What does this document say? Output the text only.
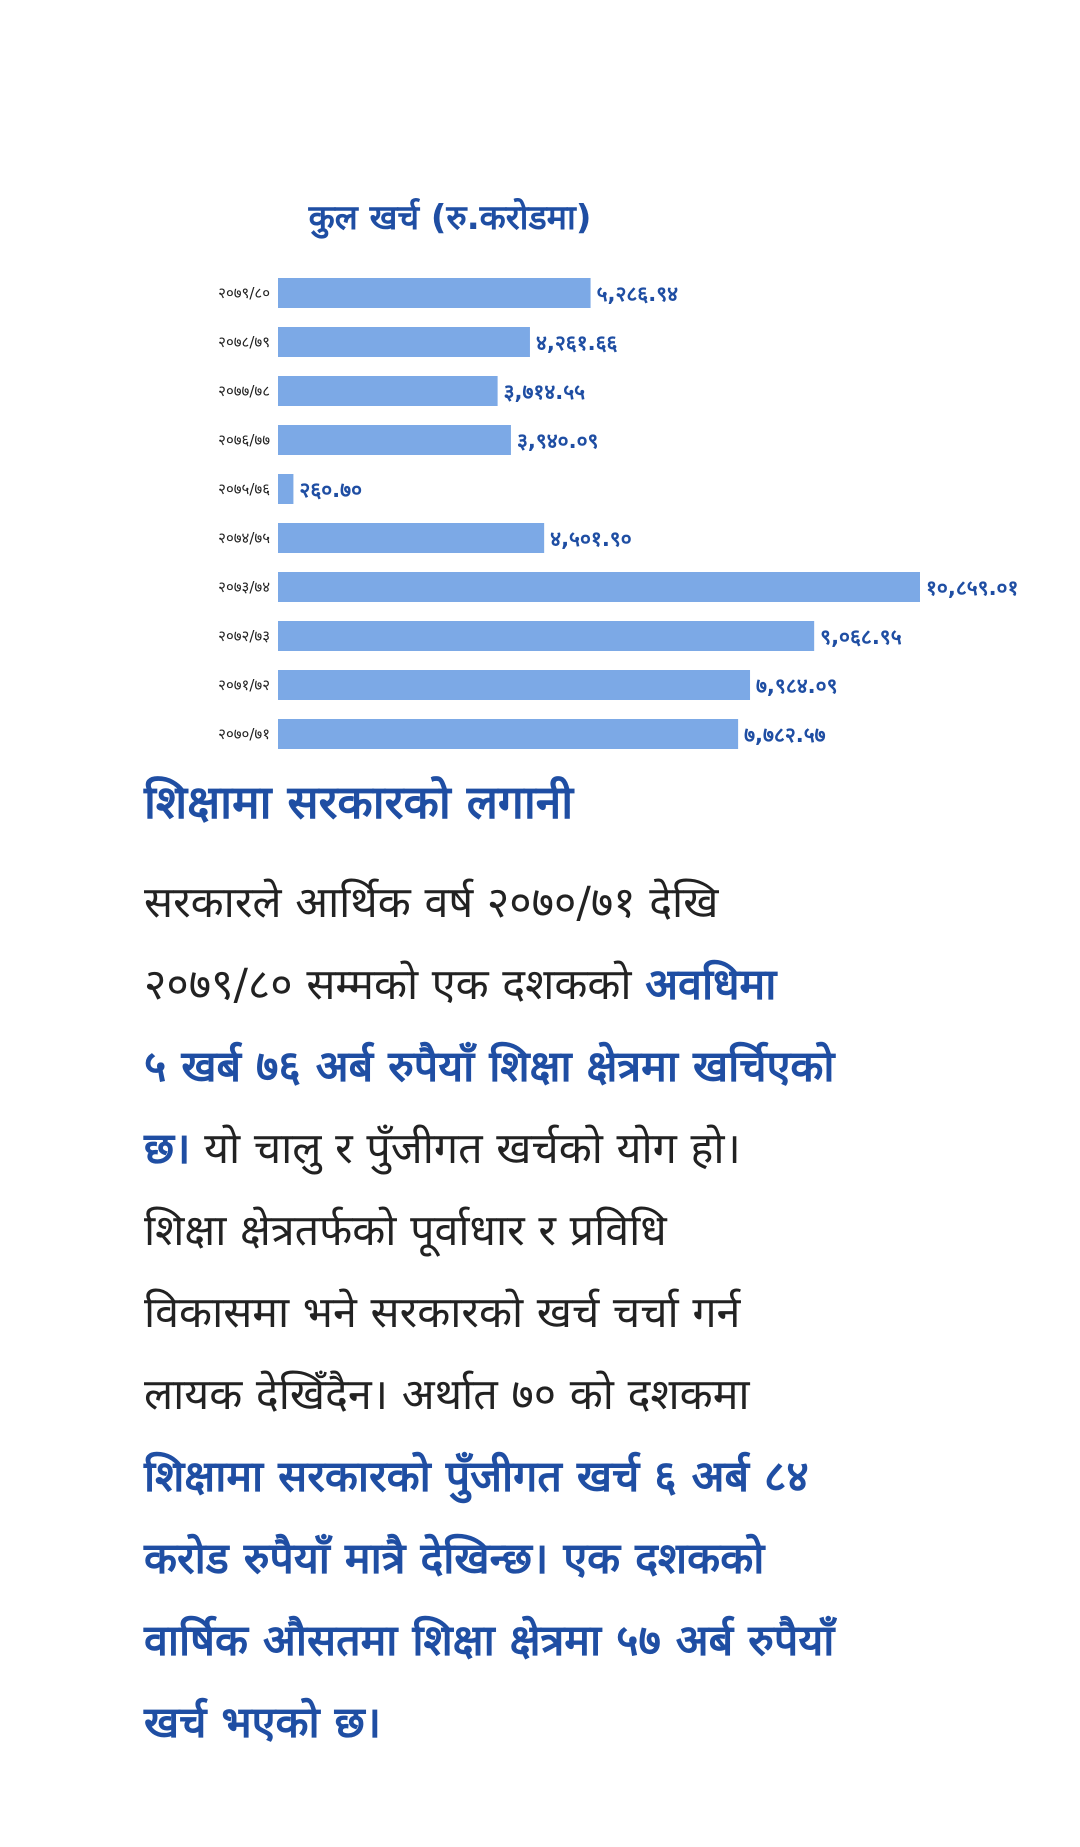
कुल खर्च (रु.करोडमा)
२०७९/८०	५,२८६.९४
२०७८/७९	४,२६१.६६
२०७७/७८	३,७१४.५५
२०७६/७७	३,९४०.०९
२०७५/७६ २६०.७०
२०७४/७५	४,५०१.९०
२०७३/७४	१०,८५९.०१
२०७२/७३	९,०६८.९५
२०७१/७२	७,९८४.०९
२०७०/७१	७,७८२.५७
शिक्षामा सरकारको लगानी
सरकारले आर्थिक वर्ष २०७०/७१ देखि
२०७९/८० सम्मको एक दशकको अवधिमा
५ खर्ब ७६ अर्ब रुपैयाँ शिक्षा क्षेत्रमा खर्चिएको
छ। यो चालु र पुँजीगत खर्चको योग हो।
शिक्षा क्षेत्रतर्फको पूर्वाधार र प्रविधि
विकासमा भने सरकारको खर्च चर्चा गर्न
लायक देखिँदैन। अर्थात ७० को दशकमा
शिक्षामा सरकारको पुँजीगत खर्च ६ अर्ब ८४
करोड रुपैयाँ मात्रै देखिन्छ। एक दशकको
वार्षिक औसतमा शिक्षा क्षेत्रमा ५७ अर्ब रुपैयाँ
खर्च भएको छ।
